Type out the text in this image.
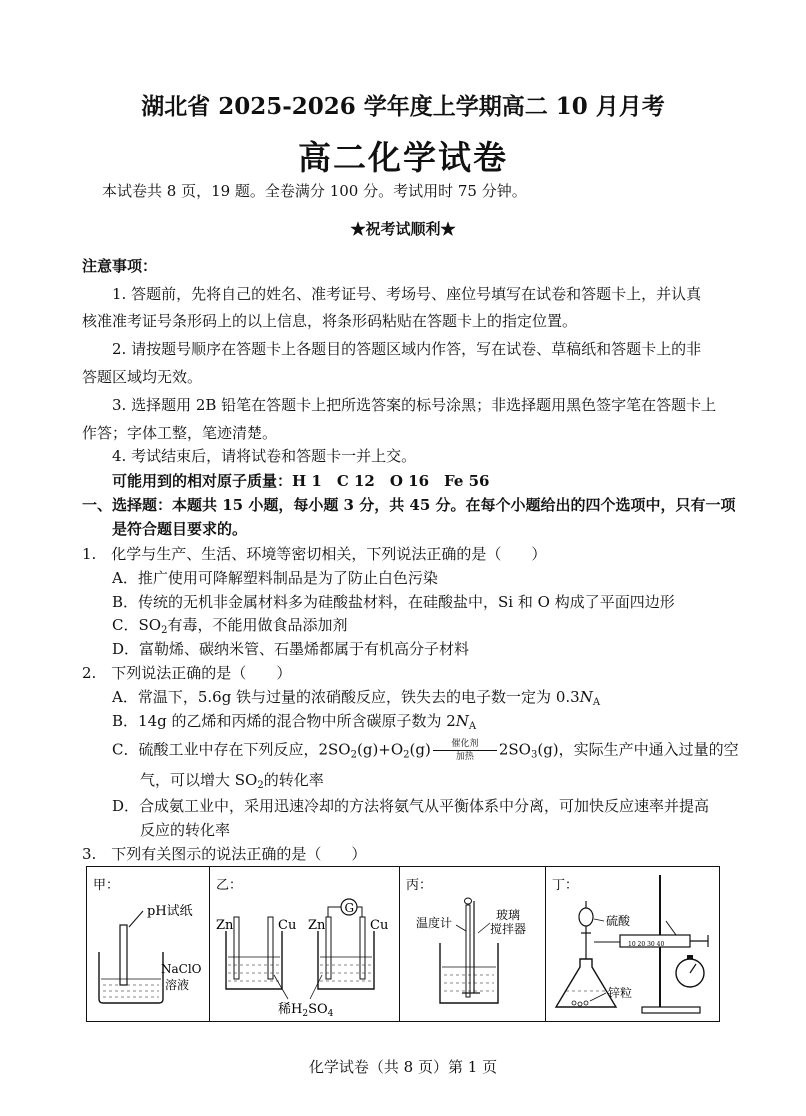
湖北省 2025-2026 学年度上学期高二 10 月月考
高二化学试卷
本试卷共 8 页，19 题。全卷满分 100 分。考试用时 75 分钟。
★祝考试顺利★
注意事项：
1. 答题前，先将自己的姓名、准考证号、考场号、座位号填写在试卷和答题卡上，并认真
核准准考证号条形码上的以上信息，将条形码粘贴在答题卡上的指定位置。
2. 请按题号顺序在答题卡上各题目的答题区域内作答，写在试卷、草稿纸和答题卡上的非
答题区域均无效。
3. 选择题用 2B 铅笔在答题卡上把所选答案的标号涂黑；非选择题用黑色签字笔在答题卡上
作答；字体工整，笔迹清楚。
4. 考试结束后，请将试卷和答题卡一并上交。
可能用到的相对原子质量：H 1　C 12　O 16　Fe 56
一、选择题：本题共 15 小题，每小题 3 分，共 45 分。在每个小题给出的四个选项中，只有一项
是符合题目要求的。
1.　化学与生产、生活、环境等密切相关，下列说法正确的是（　　）
A．推广使用可降解塑料制品是为了防止白色污染
B．传统的无机非金属材料多为硅酸盐材料，在硅酸盐中，Si 和 O 构成了平面四边形
C．$SO_2$有毒，不能用做食品添加剂
D．富勒烯、碳纳米管、石墨烯都属于有机高分子材料
2.　下列说法正确的是（　　）
A．常温下，5.6g 铁与过量的浓硝酸反应，铁失去的电子数一定为 $0.3N_A$
B．14g 的乙烯和丙烯的混合物中所含碳原子数为 $2N_A$
C．硫酸工业中存在下列反应，$2SO_2(g)+O_2(g)$ 催化剂
加热 $2SO_3(g)$，实际生产中通入过量的空
气，可以增大 $SO_2$的转化率
D．合成氨工业中，采用迅速冷却的方法将氨气从平衡体系中分离，可加快反应速率并提高
反应的转化率
3.　下列有关图示的说法正确的是（　　）
甲：
pH试纸
NaClO
溶液
乙：
Zn	Cu Zn	Cu
G
稀$H_2SO_4$
丙：
温度计
玻璃
搅拌器
丁：
硫酸
10 20 30 40
锌粒
化学试卷（共 8 页）第 1 页
